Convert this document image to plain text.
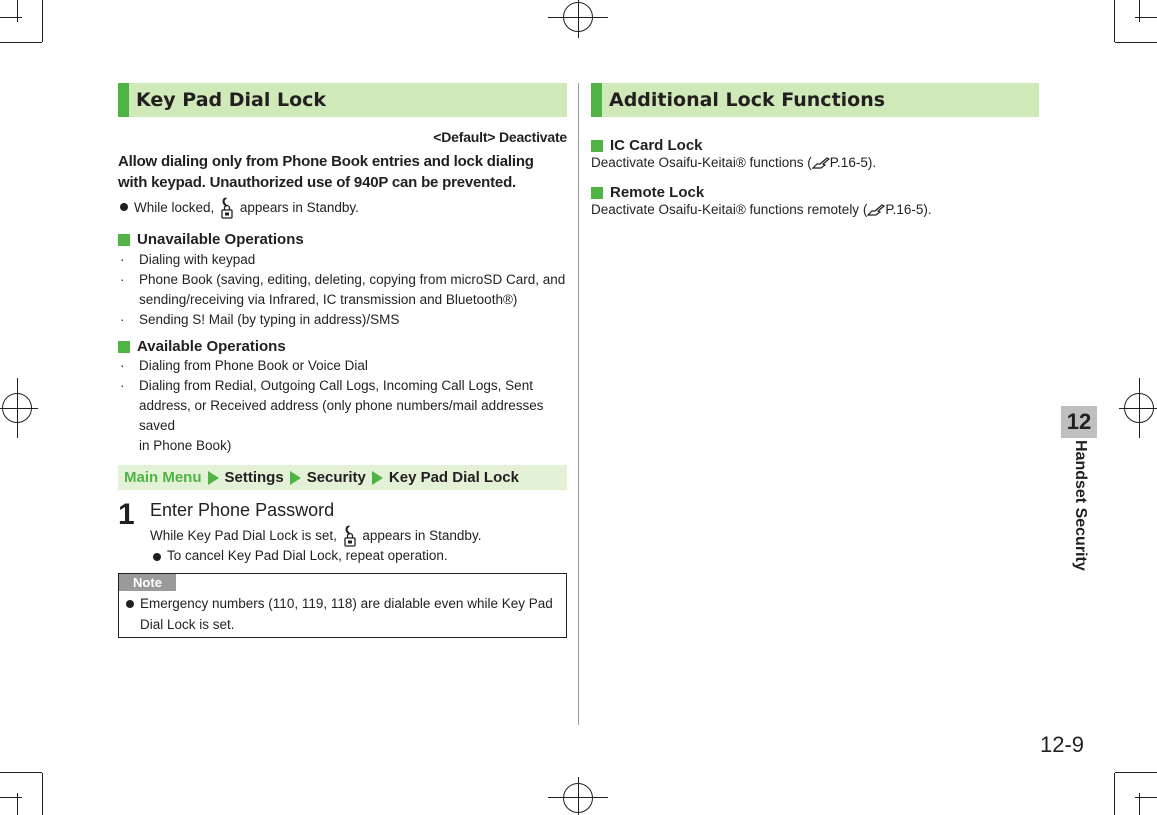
Key Pad Dial Lock
<Default> Deactivate
Allow dialing only from Phone Book entries and lock dialing
with keypad. Unauthorized use of 940P can be prevented.
While locked, appears in Standby.
Unavailable Operations
· Dialing with keypad
· Phone Book (saving, editing, deleting, copying from microSD Card, and
sending/receiving via Infrared, IC transmission and Bluetooth®)
· Sending S! Mail (by typing in address)/SMS
Available Operations
· Dialing from Phone Book or Voice Dial
· Dialing from Redial, Outgoing Call Logs, Incoming Call Logs, Sent
address, or Received address (only phone numbers/mail addresses saved
in Phone Book)
Main Menu Settings Security Key Pad Dial Lock
1 Enter Phone Password
While Key Pad Dial Lock is set, appears in Standby.
To cancel Key Pad Dial Lock, repeat operation.
Note
Emergency numbers (110, 119, 118) are dialable even while Key Pad
Dial Lock is set.
Additional Lock Functions
IC Card Lock
Deactivate Osaifu-Keitai® functions ( P.16-5).
Remote Lock
Deactivate Osaifu-Keitai® functions remotely ( P.16-5).
12
Handset Security
12-9
